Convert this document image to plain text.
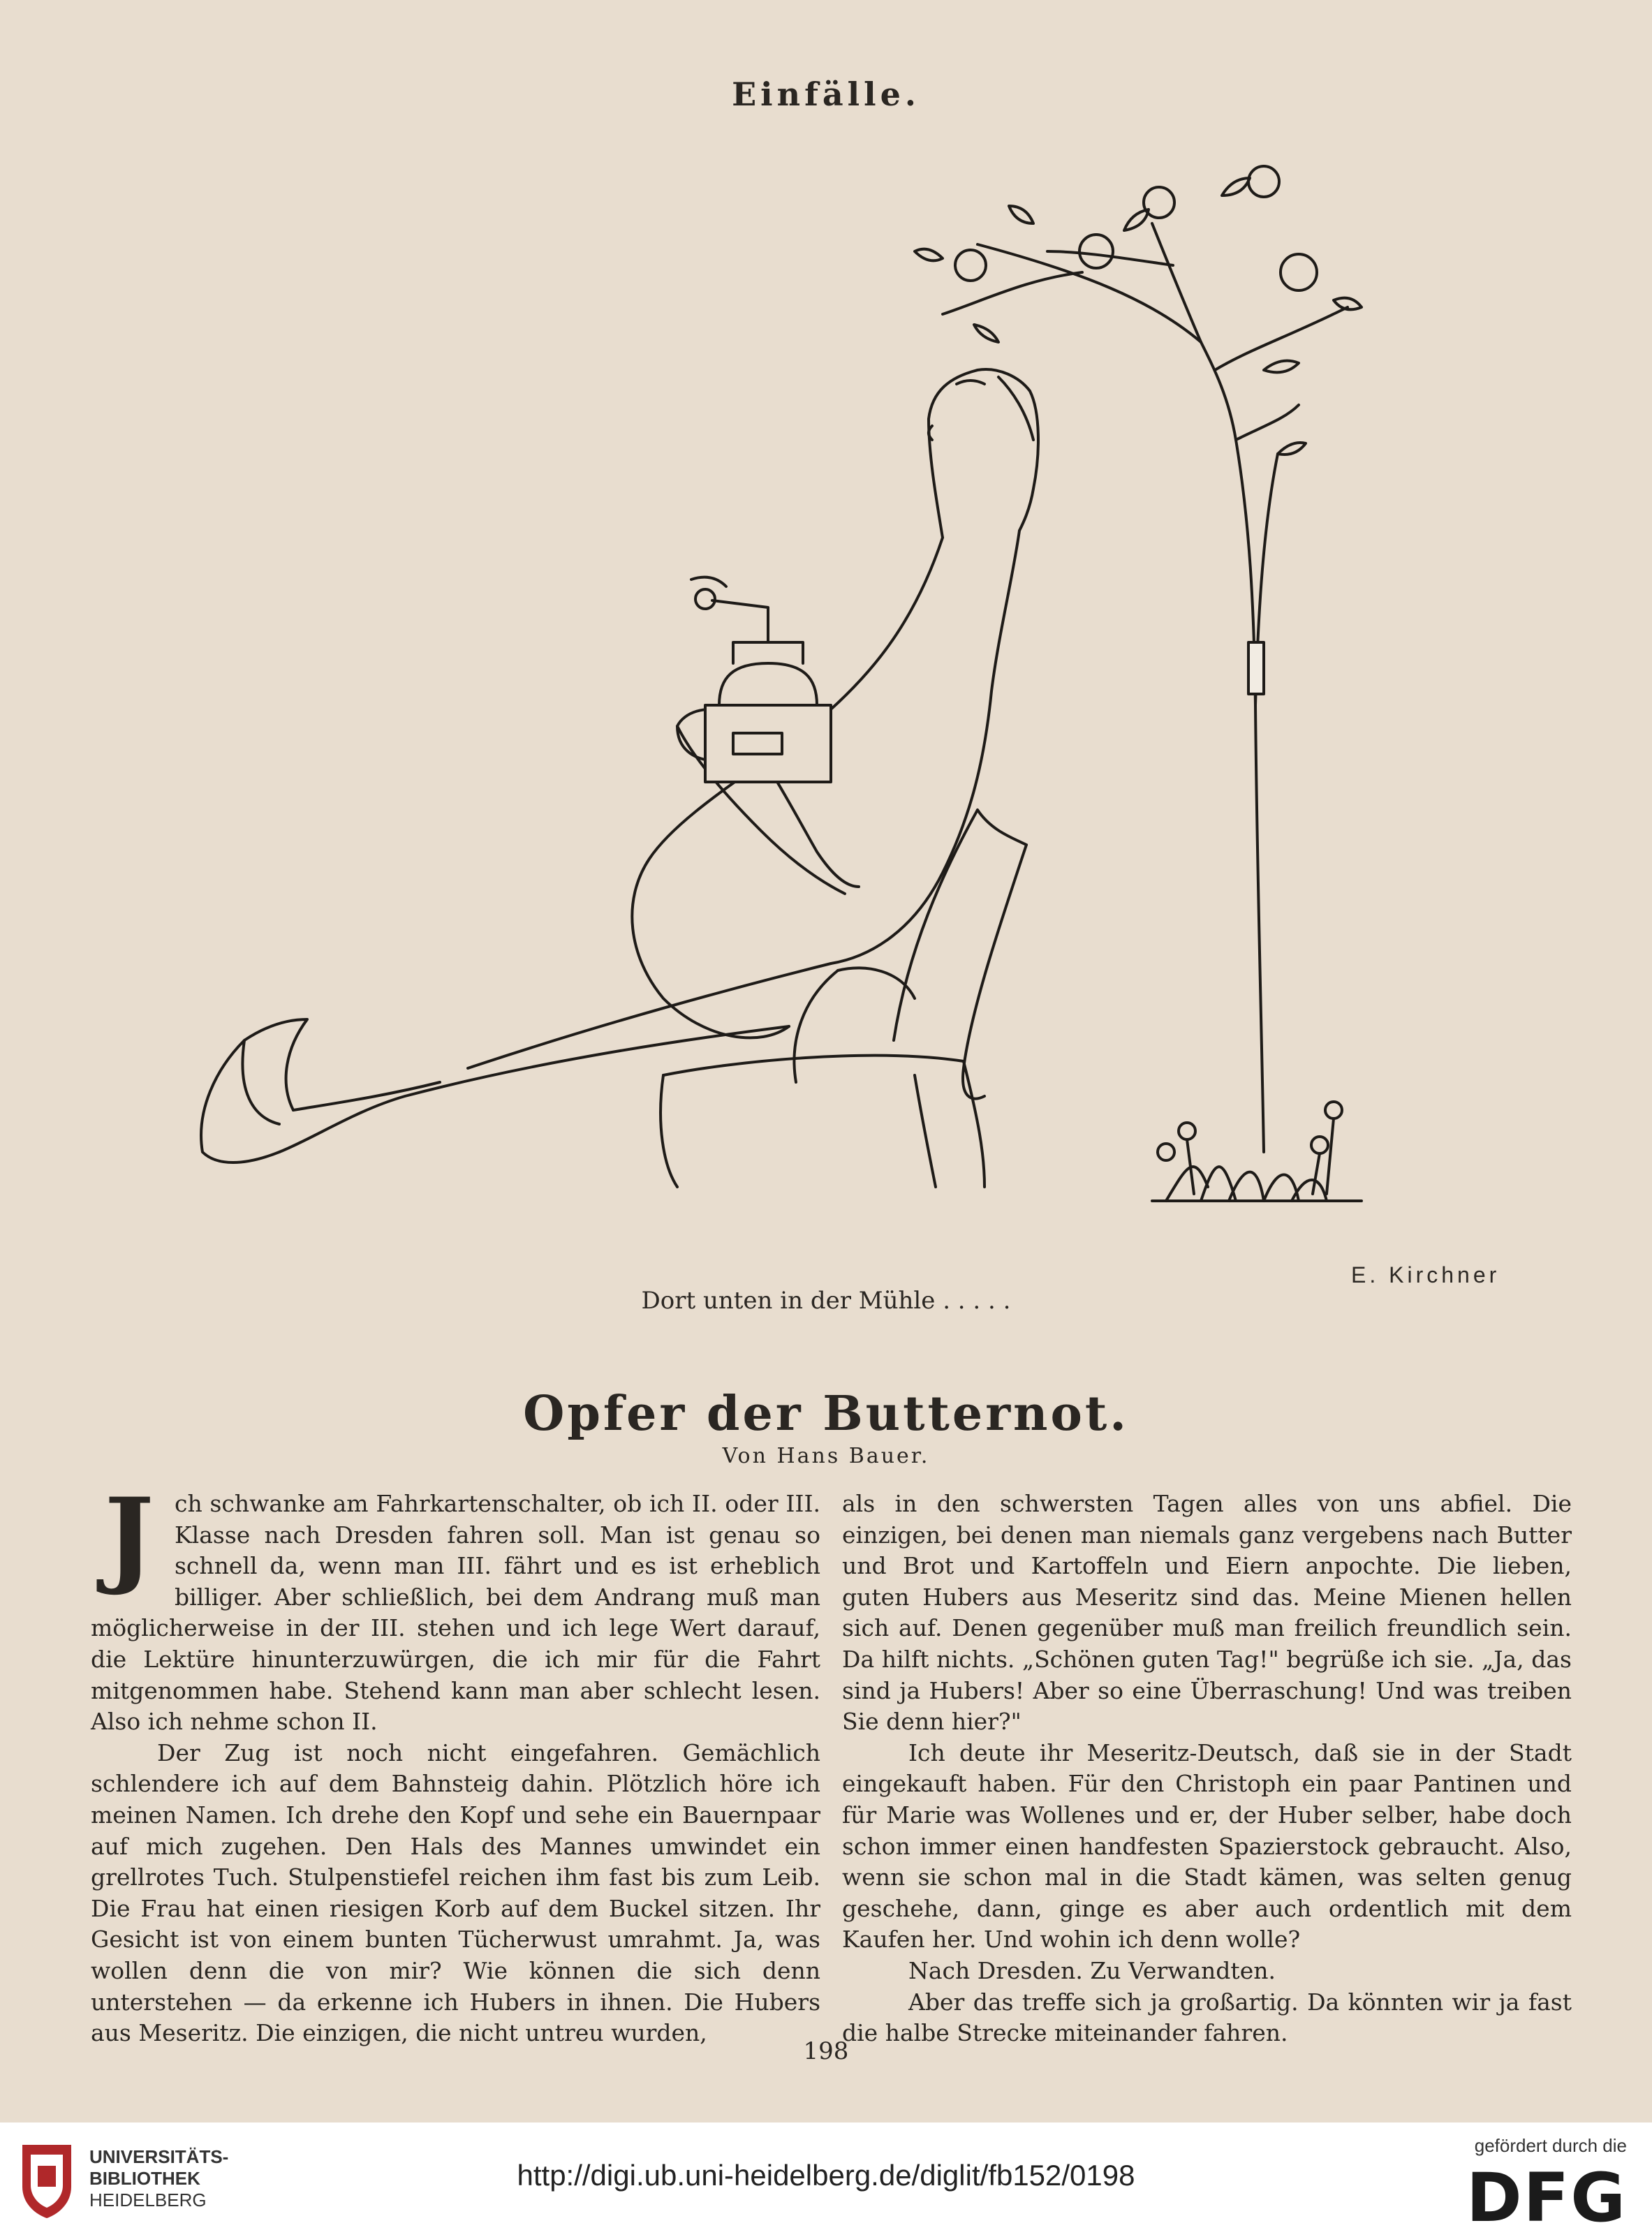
Einfälle.
E. Kirchner
Dort unten in der Mühle . . . . .
Opfer der Butternot.
Von Hans Bauer.

Jch schwanke am Fahrkartenschalter, ob ich II. oder III. Klasse nach Dresden fahren soll. Man ist genau so schnell da, wenn man III. fährt und es ist erheblich billiger. Aber schließlich, bei dem Andrang muß man möglicherweise in der III. stehen und ich lege Wert darauf, die Lektüre hinunterzuwürgen, die ich mir für die Fahrt mitgenommen habe. Stehend kann man aber schlecht lesen. Also ich nehme schon II.

Der Zug ist noch nicht eingefahren. Gemächlich schlendere ich auf dem Bahnsteig dahin. Plötzlich höre ich meinen Namen. Ich drehe den Kopf und sehe ein Bauernpaar auf mich zugehen. Den Hals des Mannes umwindet ein grellrotes Tuch. Stulpenstiefel reichen ihm fast bis zum Leib. Die Frau hat einen riesigen Korb auf dem Buckel sitzen. Ihr Gesicht ist von einem bunten Tücherwust umrahmt. Ja, was wollen denn die von mir? Wie können die sich denn unterstehen — da erkenne ich Hubers in ihnen. Die Hubers aus Meseritz. Die einzigen, die nicht untreu wurden,

als in den schwersten Tagen alles von uns abfiel. Die einzigen, bei denen man niemals ganz vergebens nach Butter und Brot und Kartoffeln und Eiern anpochte. Die lieben, guten Hubers aus Meseritz sind das. Meine Mienen hellen sich auf. Denen gegenüber muß man freilich freundlich sein. Da hilft nichts. „Schönen guten Tag!" begrüße ich sie. „Ja, das sind ja Hubers! Aber so eine Überraschung! Und was treiben Sie denn hier?"

Ich deute ihr Meseritz-Deutsch, daß sie in der Stadt eingekauft haben. Für den Christoph ein paar Pantinen und für Marie was Wollenes und er, der Huber selber, habe doch schon immer einen handfesten Spazierstock gebraucht. Also, wenn sie schon mal in die Stadt kämen, was selten genug geschehe, dann, ginge es aber auch ordentlich mit dem Kaufen her. Und wohin ich denn wolle?

Nach Dresden. Zu Verwandten.

Aber das treffe sich ja großartig. Da könnten wir ja fast die halbe Strecke miteinander fahren.

198
UNIVERSITÄTS-
BIBLIOTHEK
HEIDELBERG
http://digi.ub.uni-heidelberg.de/diglit/fb152/0198
gefördert durch die
DFG
